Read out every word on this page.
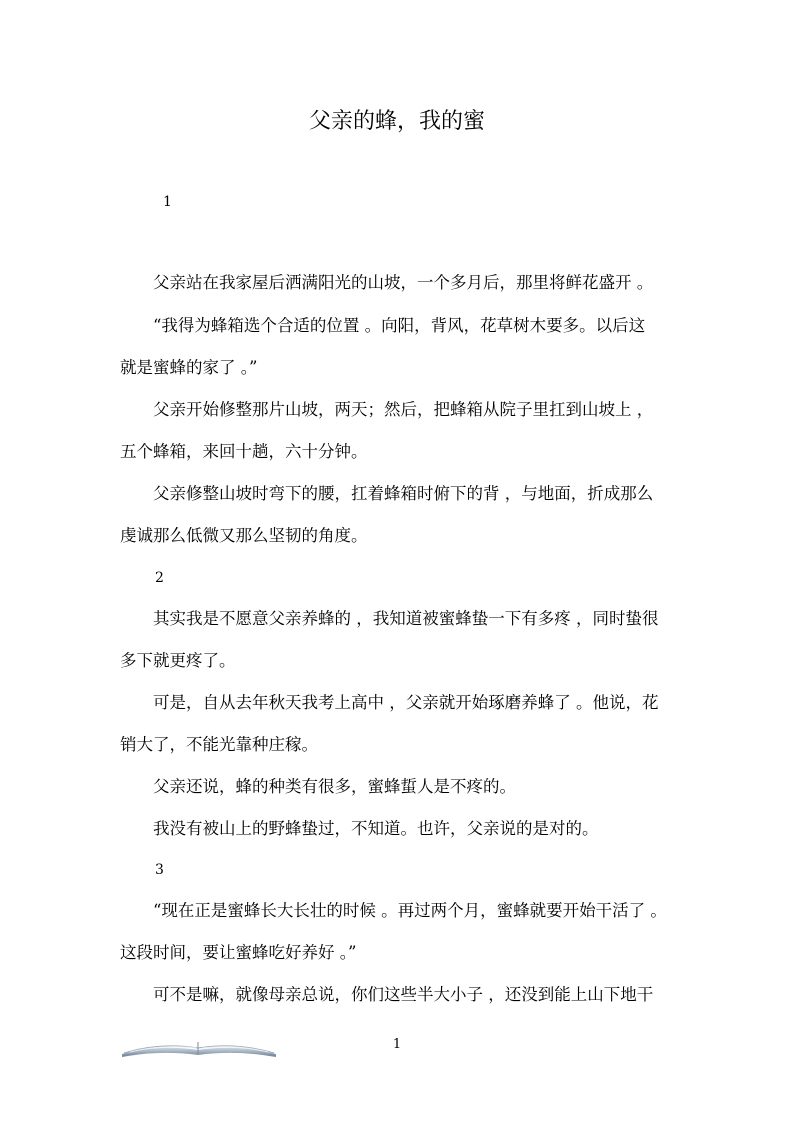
父亲的蜂，我的蜜
1
父亲站在我家屋后洒满阳光的山坡，一个多月后，那里将鲜花盛开 。
“我得为蜂箱选个合适的位置 。向阳，背风，花草树木要多。以后这
就是蜜蜂的家了 。”
父亲开始修整那片山坡，两天；然后，把蜂箱从院子里扛到山坡上 ，
五个蜂箱，来回十趟，六十分钟。
父亲修整山坡时弯下的腰，扛着蜂箱时俯下的背 ，与地面，折成那么
虔诚那么低微又那么坚韧的角度。
2
其实我是不愿意父亲养蜂的 ，我知道被蜜蜂蛰一下有多疼 ，同时蛰很
多下就更疼了。
可是，自从去年秋天我考上高中 ，父亲就开始琢磨养蜂了 。他说，花
销大了，不能光靠种庄稼。
父亲还说，蜂的种类有很多，蜜蜂蜇人是不疼的。
我没有被山上的野蜂蛰过，不知道。也许，父亲说的是对的。
3
“现在正是蜜蜂长大长壮的时候 。再过两个月，蜜蜂就要开始干活了 。
这段时间，要让蜜蜂吃好养好 。”
可不是嘛，就像母亲总说，你们这些半大小子 ，还没到能上山下地干
1
